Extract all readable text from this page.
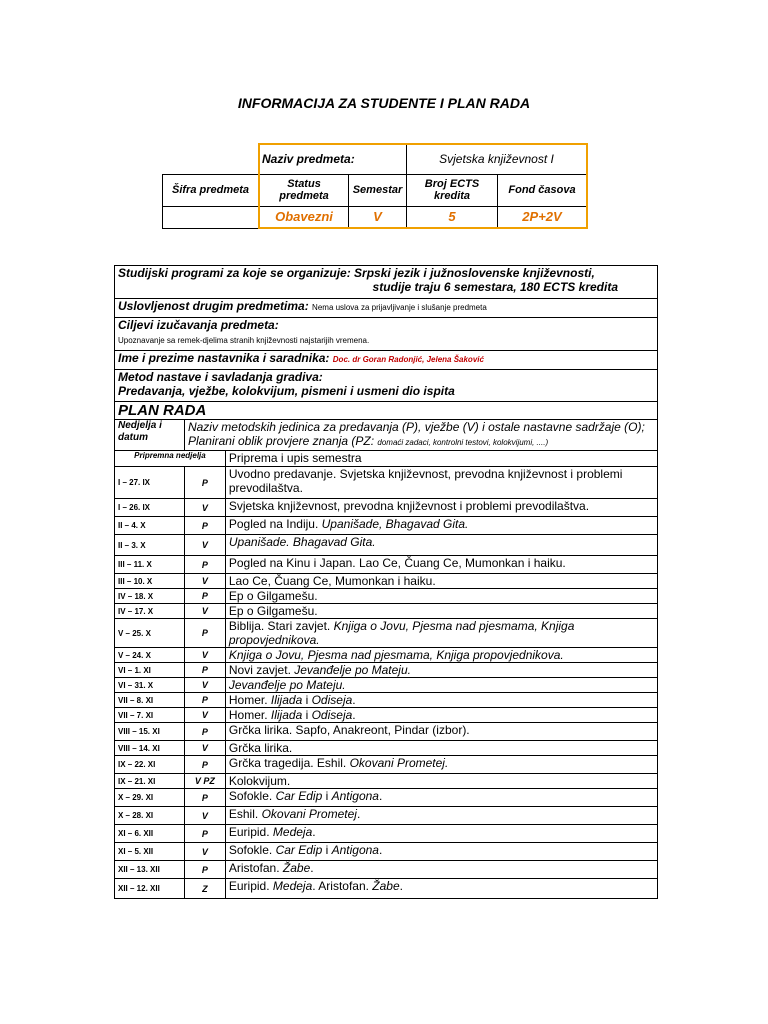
INFORMACIJA ZA STUDENTE I PLAN RADA
	Naziv predmeta:		Svjetska književnost I	
Šifra predmeta	Status predmeta	Semestar	Broj ECTS kredita	Fond časova
	Obavezni	V	5	2P+2V
Studijski programi za koje se organizuje: Srpski jezik i južnoslovenske književnosti,
studije traju 6 semestara, 180 ECTS kredita		

Uslovljenost drugim predmetima: Nema uslova za prijavljivanje i slušanje predmeta		
Ciljevi izučavanja predmeta:
Upoznavanje sa remek-djelima stranih književnosti najstarijih vremena.		
Ime i prezime nastavnika i saradnika: Doc. dr Goran Radonjić, Jelena Šaković		
Metod nastave i savladanja gradiva:
Predavanja, vježbe, kolokvijum, pismeni i usmeni dio ispita		
PLAN RADA		
Nedjelja i datum	Naziv metodskih jedinica za predavanja (P), vježbe (V) i ostale nastavne sadržaje (O); Planirani oblik provjere znanja (PZ: domaći zadaci, kontrolni testovi, kolokvijumi, ....)	
Pripremna nedjelja		Priprema i upis semestra
I – 27. IX	P	Uvodno predavanje. Svjetska književnost, prevodna književnost i problemi prevodilaštva.
I – 26. IX	V	Svjetska književnost, prevodna književnost i problemi prevodilaštva.
II – 4. X	P	Pogled na Indiju. Upanišade, Bhagavad Gita.
II – 3. X	V	Upanišade. Bhagavad Gita.
III – 11. X	P	Pogled na Kinu i Japan. Lao Ce, Čuang Ce, Mumonkan i haiku.
III – 10. X	V	Lao Ce, Čuang Ce, Mumonkan i haiku.
IV – 18. X	P	Ep o Gilgamešu.
IV – 17. X	V	Ep o Gilgamešu.
V – 25. X	P	Biblija. Stari zavjet. Knjiga o Jovu, Pjesma nad pjesmama, Knjiga propovjednikova.
V – 24. X	V	Knjiga o Jovu, Pjesma nad pjesmama, Knjiga propovjednikova.
VI – 1. XI	P	Novi zavjet. Jevanđelje po Mateju.
VI – 31. X	V	Jevanđelje po Mateju.
VII – 8. XI	P	Homer. Ilijada i Odiseja.
VII – 7. XI	V	Homer. Ilijada i Odiseja.
VIII – 15. XI	P	Grčka lirika. Sapfo, Anakreont, Pindar (izbor).
VIII – 14. XI	V	Grčka lirika.
IX – 22. XI	P	Grčka tragedija. Eshil. Okovani Prometej.
IX – 21. XI	V PZ	Kolokvijum.
X – 29. XI	P	Sofokle. Car Edip i Antigona.
X – 28. XI	V	Eshil. Okovani Prometej.
XI – 6. XII	P	Euripid. Medeja.
XI – 5. XII	V	Sofokle. Car Edip i Antigona.
XII – 13. XII	P	Aristofan. Žabe.
XII – 12. XII	Z	Euripid. Medeja. Aristofan. Žabe.
